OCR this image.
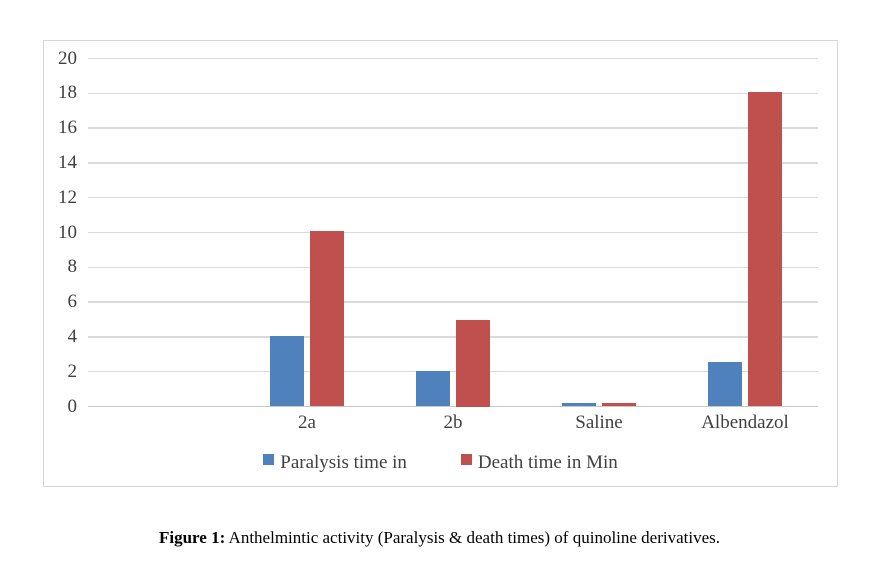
0
2
4
6
8
10
12
14
16
18
20
2a	2b	Saline	Albendazol
Paralysis time in	Death time in Min
Figure 1: Anthelmintic activity (Paralysis & death times) of quinoline derivatives.
